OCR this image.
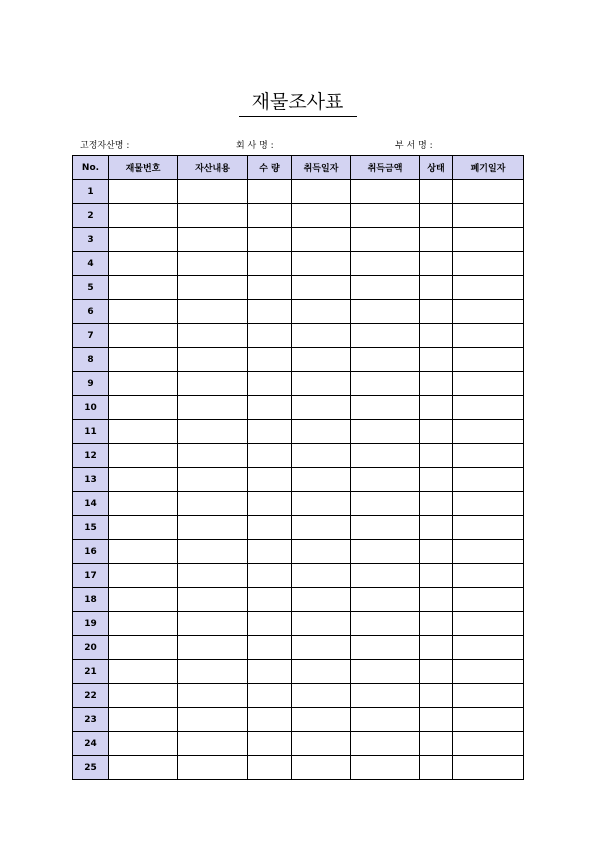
재물조사표
고정자산명 :	회 사 명 :	부 서 명 :
No.	재물번호	자산내용	수 량	취득일자	취득금액	상태	폐기일자
1							
2							
3							
4							
5							
6							
7							
8							
9							
10							
11							
12							
13							
14							
15							
16							
17							
18							
19							
20							
21							
22							
23							
24							
25							
